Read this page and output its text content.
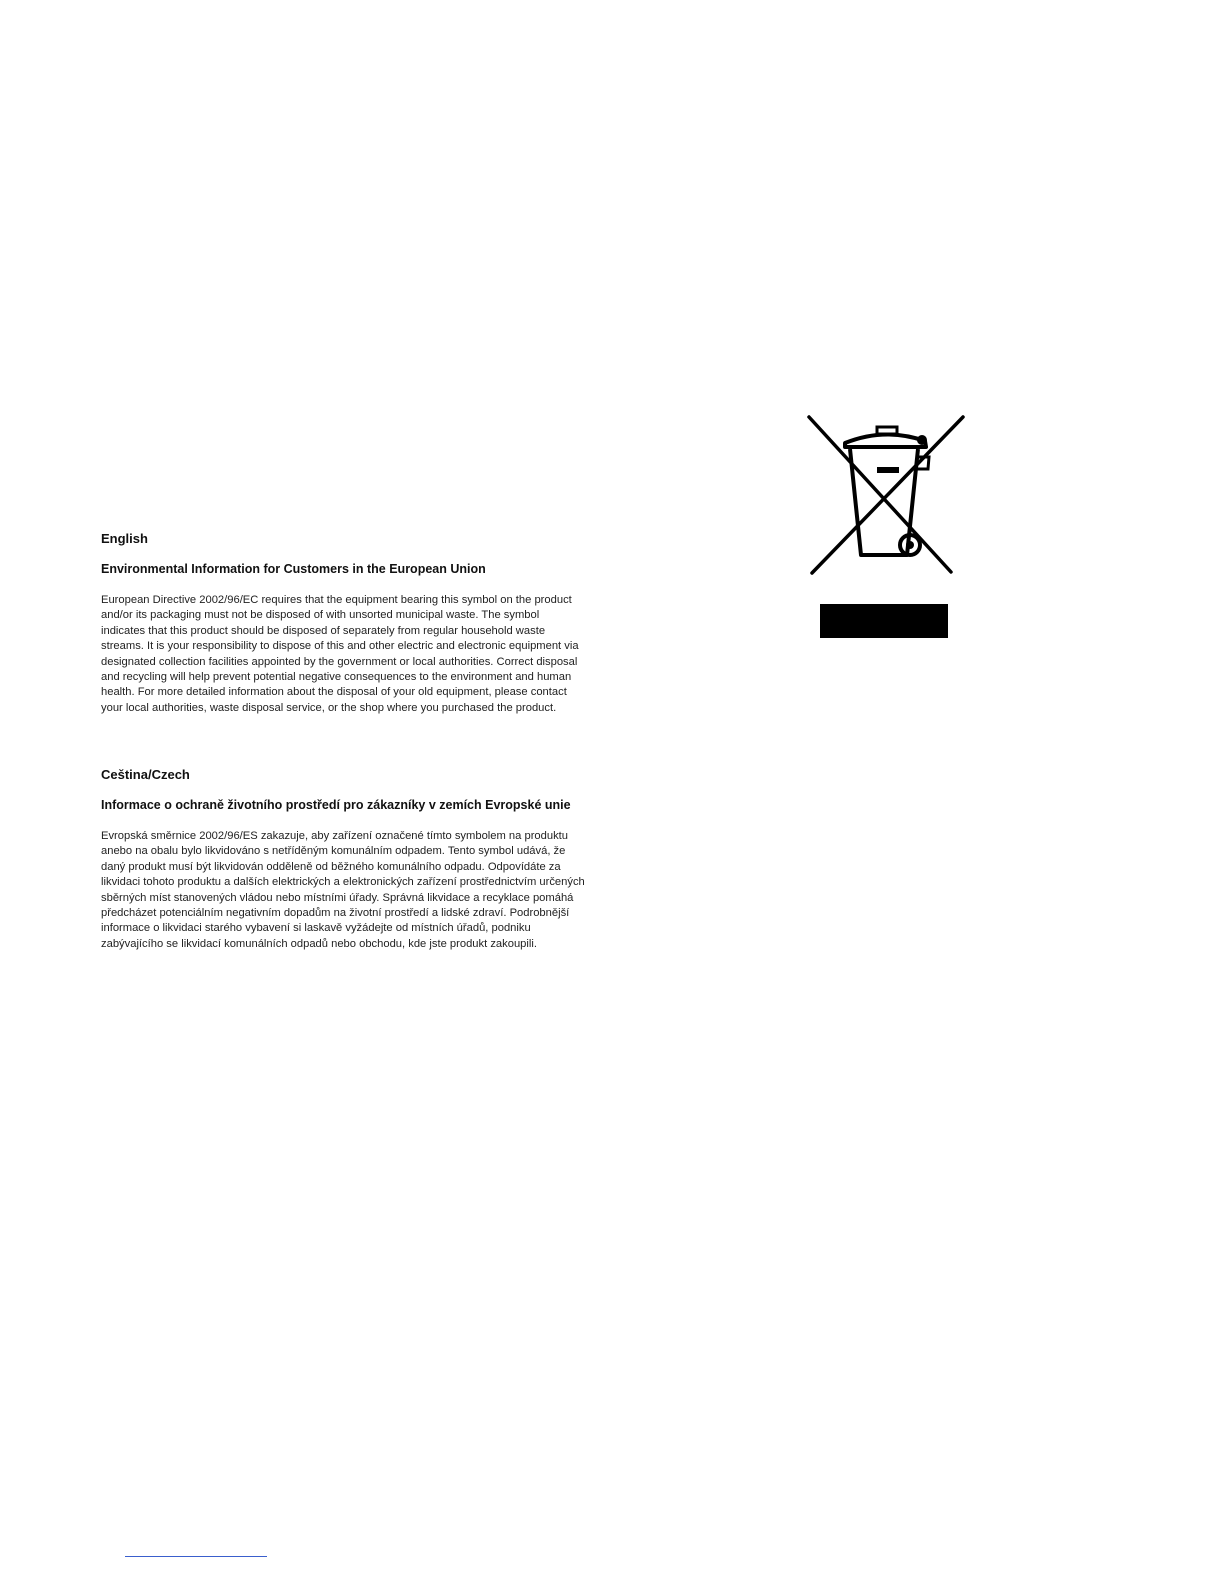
English

Environmental Information for Customers in the European Union

European Directive 2002/96/EC requires that the equipment bearing this symbol on the product and/or its packaging must not be disposed of with unsorted municipal waste. The symbol indicates that this product should be disposed of separately from regular household waste streams. It is your responsibility to dispose of this and other electric and electronic equipment via designated collection facilities appointed by the government or local authorities. Correct disposal and recycling will help prevent potential negative consequences to the environment and human health. For more detailed information about the disposal of your old equipment, please contact your local authorities, waste disposal service, or the shop where you purchased the product.

Ceština/Czech

Informace o ochraně životního prostředí pro zákazníky v zemích Evropské unie

Evropská směrnice 2002/96/ES zakazuje, aby zařízení označené tímto symbolem na produktu anebo na obalu bylo likvidováno s netříděným komunálním odpadem. Tento symbol udává, že daný produkt musí být likvidován odděleně od běžného komunálního odpadu. Odpovídáte za likvidaci tohoto produktu a dalších elektrických a elektronických zařízení prostřednictvím určených sběrných míst stanovených vládou nebo místními úřady. Správná likvidace a recyklace pomáhá předcházet potenciálním negativním dopadům na životní prostředí a lidské zdraví. Podrobnější informace o likvidaci starého vybavení si laskavě vyžádejte od místních úřadů, podniku zabývajícího se likvidací komunálních odpadů nebo obchodu, kde jste produkt zakoupili.
